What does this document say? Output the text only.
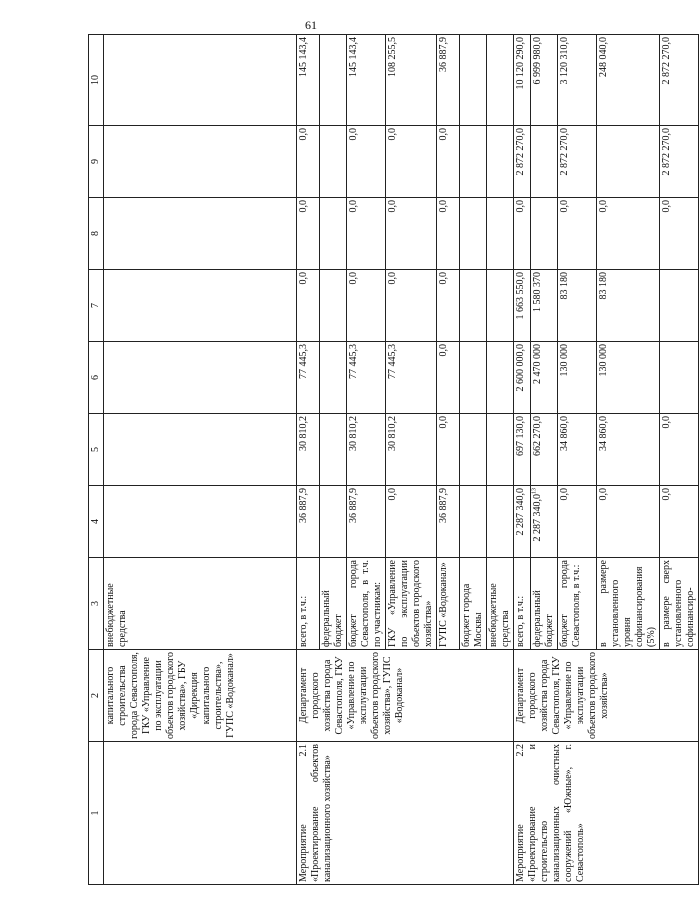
61
1	2	3	4	5	6	7	8	9	10
	капитального строительства города Севастополя, ГКУ «Управление по эксплуатации объектов городского хозяйства», ГБУ «Дирекция капитального строительства», ГУПС «Водоканал»	внебюджетные средства							
Мероприятие 2.1 «Проектирование объектов канализационного хозяйства»	Департамент городского хозяйства города Севастополя, ГКУ «Управление по эксплуатации объектов городского хозяйства», ГУПС «Водоканал»	всего, в т.ч.:	36 887,9	30 810,2	77 445,3	0,0	0,0	0,0	145 143,4
		федеральный бюджет							
		бюджет города Севастополя, в т.ч. по участникам:	36 887,9	30 810,2	77 445,3	0,0	0,0	0,0	145 143,4
		ГКУ «Управление по эксплуатации объектов городского хозяйства»	0,0	30 810,2	77 445,3	0,0	0,0	0,0	108 255,5
		ГУПС «Водоканал»	36 887,9	0,0	0,0	0,0	0,0	0,0	36 887,9
		бюджет города Москвы							
		внебюджетные средства							
Мероприятие 2.2 «Проектирование и строительство канализационных очистных сооружений «Южные», г. Севастополь»	Департамент городского хозяйства города Севастополя, ГКУ «Управление по эксплуатации объектов городского хозяйства»	всего, в т.ч.:	2 287 340,0	697 130,0	2 600 000,0	1 663 550,0	0,0	2 872 270,0	10 120 290,0
		федеральный бюджет	2 287 340,0$^{13}$	662 270,0	2 470 000	1 580 370			6 999 980,0
		бюджет города Севастополя, в т.ч.:	0,0	34 860,0	130 000	83 180	0,0	2 872 270,0	3 120 310,0
		в размере установленного уровня софинансирования (5%)	0,0	34 860,0	130 000	83 180	0,0		248 040,0
		в размере сверх установленного софинансиро-	0,0	0,0			0,0	2 872 270,0	2 872 270,0
